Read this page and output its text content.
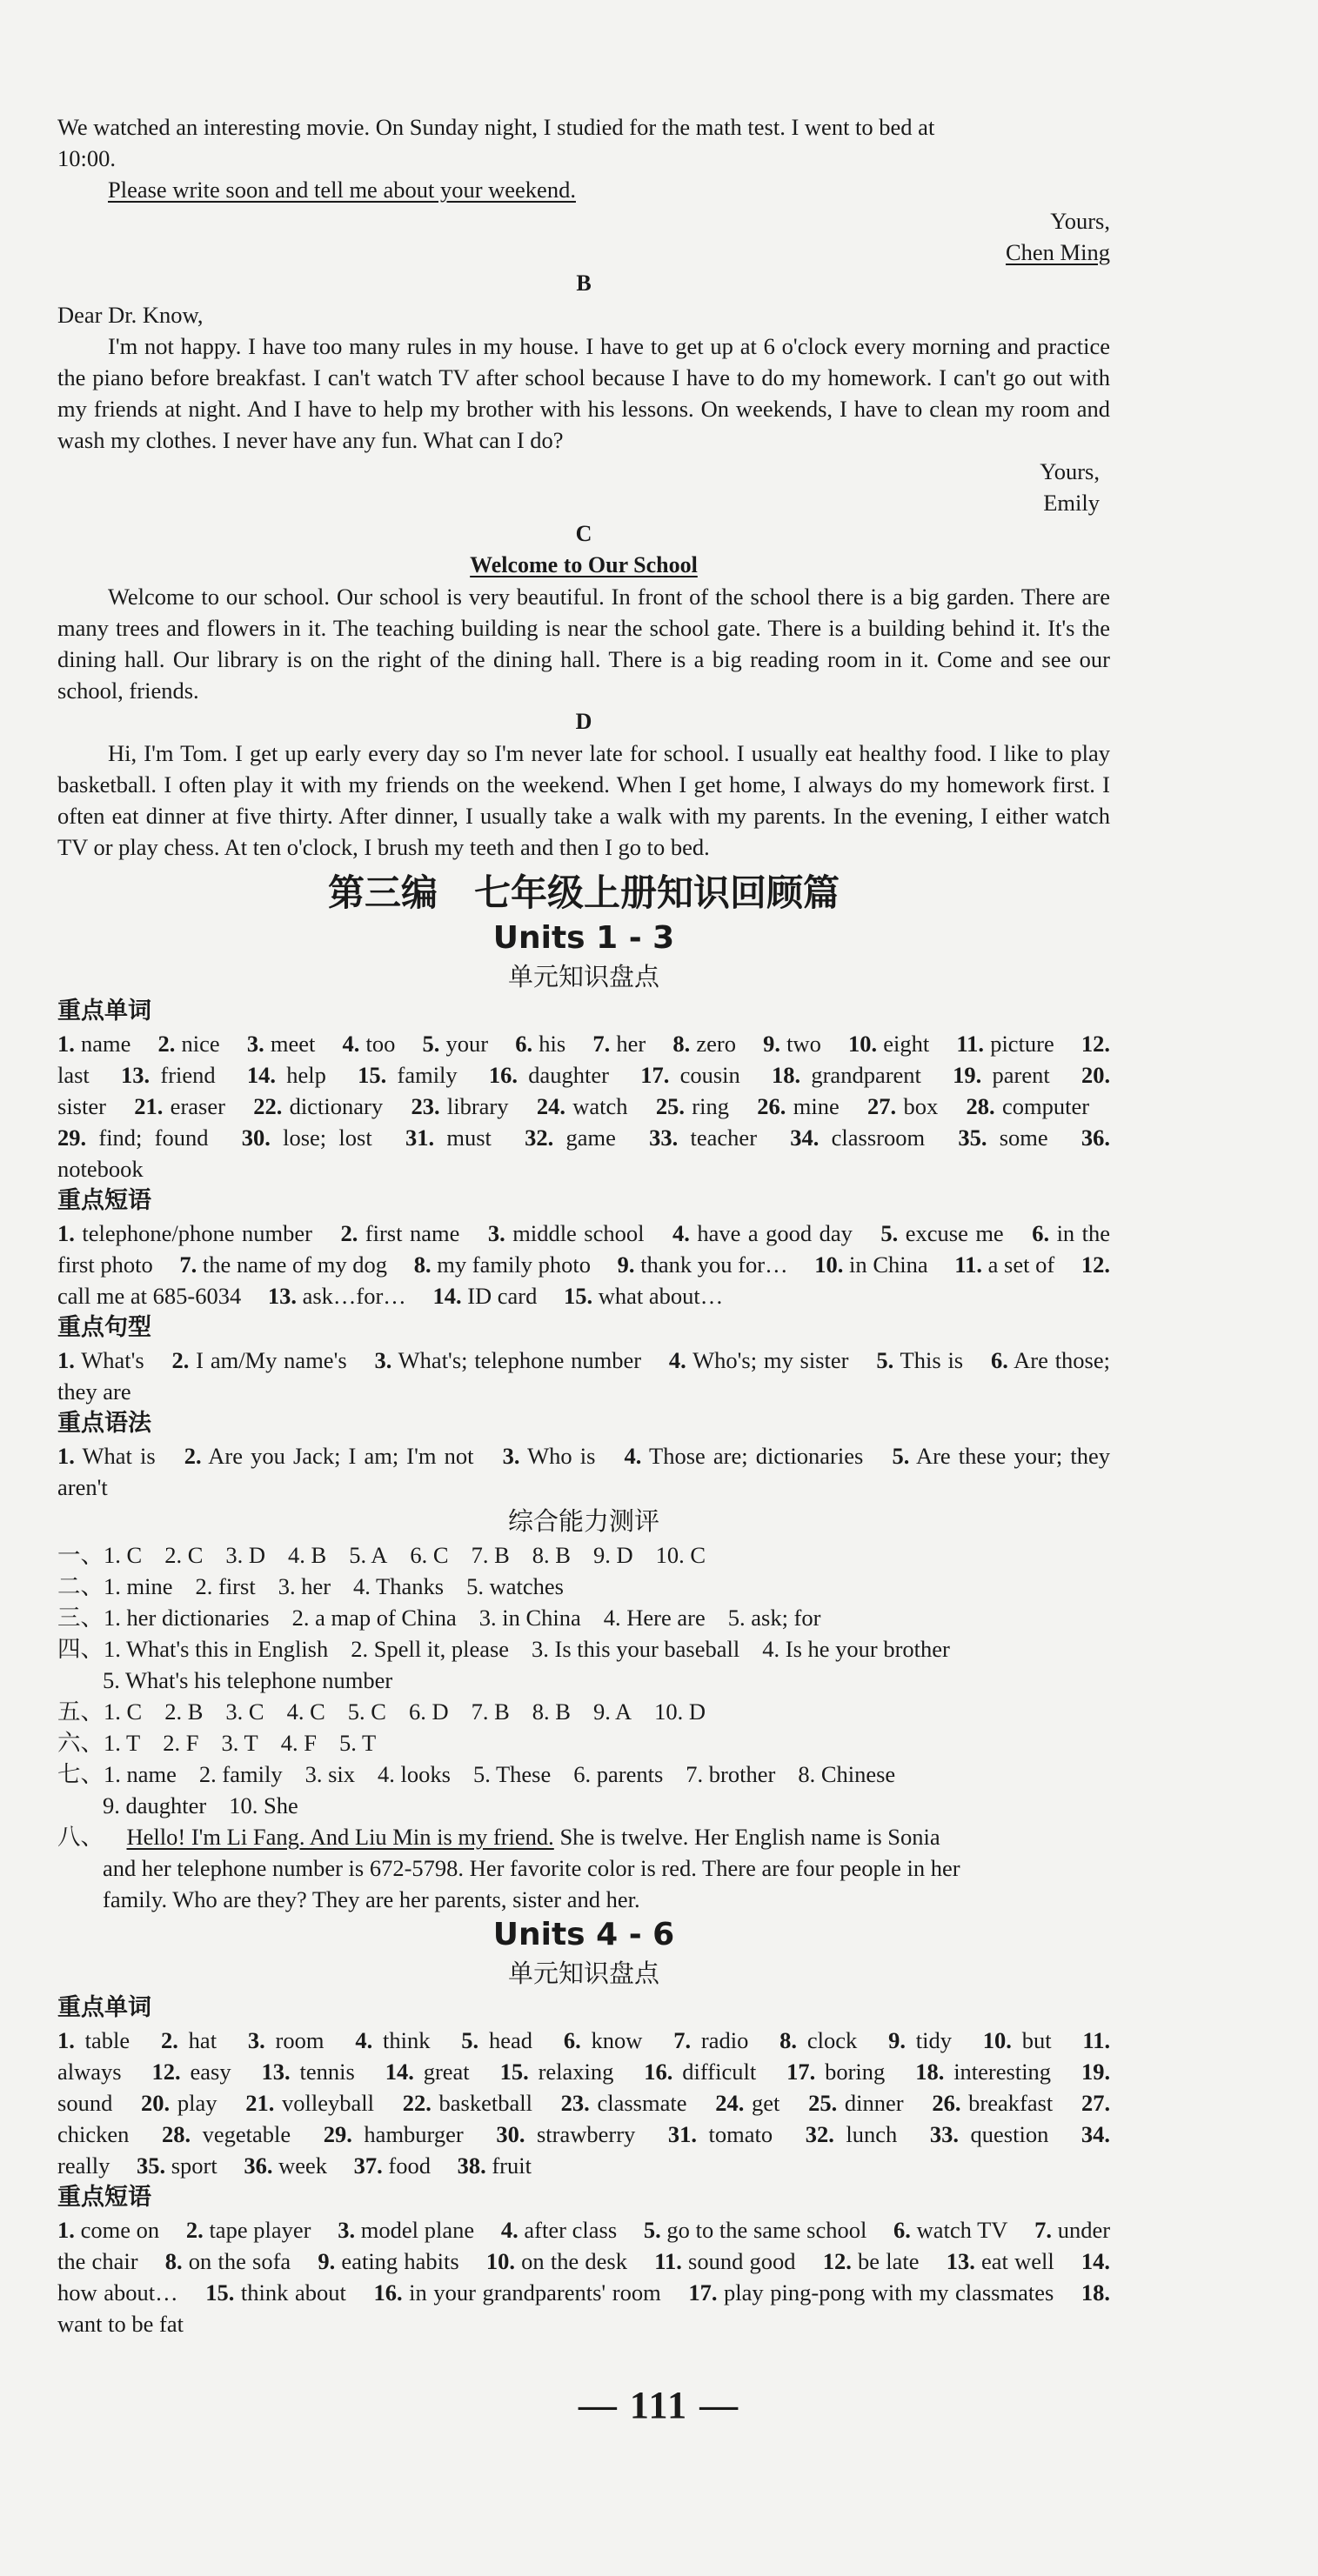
We watched an interesting movie. On Sunday night, I studied for the math test. I went to bed at

10:00.

Please write soon and tell me about your weekend.

Yours,

Chen Ming

B

Dear Dr. Know,

I'm not happy. I have too many rules in my house. I have to get up at 6 o'clock every morning and practice the piano before breakfast. I can't watch TV after school because I have to do my homework. I can't go out with my friends at night. And I have to help my brother with his lessons. On weekends, I have to clean my room and wash my clothes. I never have any fun. What can I do?

Yours,

Emily

C

Welcome to Our School

Welcome to our school. Our school is very beautiful. In front of the school there is a big garden. There are many trees and flowers in it. The teaching building is near the school gate. There is a building behind it. It's the dining hall. Our library is on the right of the dining hall. There is a big reading room in it. Come and see our school, friends.

D

Hi, I'm Tom. I get up early every day so I'm never late for school. I usually eat healthy food. I like to play basketball. I often play it with my friends on the weekend. When I get home, I always do my homework first. I often eat dinner at five thirty. After dinner, I usually take a walk with my parents. In the evening, I either watch TV or play chess. At ten o'clock, I brush my teeth and then I go to bed.

第三编　七年级上册知识回顾篇

Units 1 - 3

单元知识盘点

重点单词

1. name 2. nice 3. meet 4. too 5. your 6. his 7. her 8. zero 9. two 10. eight 11. picture 12. last 13. friend 14. help 15. family 16. daughter 17. cousin 18. grandparent 19. parent 20. sister 21. eraser 22. dictionary 23. library 24. watch 25. ring 26. mine 27. box 28. computer 29. find; found 30. lose; lost 31. must 32. game 33. teacher 34. classroom 35. some 36. notebook

重点短语

1. telephone/phone number 2. first name 3. middle school 4. have a good day 5. excuse me 6. in the first photo 7. the name of my dog 8. my family photo 9. thank you for… 10. in China 11. a set of 12. call me at 685-6034 13. ask…for… 14. ID card 15. what about…

重点句型

1. What's 2. I am/My name's 3. What's; telephone number 4. Who's; my sister 5. This is 6. Are those; they are

重点语法

1. What is 2. Are you Jack; I am; I'm not 3. Who is 4. Those are; dictionaries 5. Are these your; they aren't

综合能力测评

一、1. C 2. C 3. D 4. B 5. A 6. C 7. B 8. B 9. D 10. C

二、1. mine 2. first 3. her 4. Thanks 5. watches

三、1. her dictionaries 2. a map of China 3. in China 4. Here are 5. ask; for

四、1. What's this in English 2. Spell it, please 3. Is this your baseball 4. Is he your brother

5. What's his telephone number

五、1. C 2. B 3. C 4. C 5. C 6. D 7. B 8. B 9. A 10. D

六、1. T 2. F 3. T 4. F 5. T

七、1. name 2. family 3. six 4. looks 5. These 6. parents 7. brother 8. Chinese

9. daughter 10. She

八、 Hello! I'm Li Fang. And Liu Min is my friend. She is twelve. Her English name is Sonia

and her telephone number is 672-5798. Her favorite color is red. There are four people in her

family. Who are they? They are her parents, sister and her.

Units 4 - 6

单元知识盘点

重点单词

1. table 2. hat 3. room 4. think 5. head 6. know 7. radio 8. clock 9. tidy 10. but 11. always 12. easy 13. tennis 14. great 15. relaxing 16. difficult 17. boring 18. interesting 19. sound 20. play 21. volleyball 22. basketball 23. classmate 24. get 25. dinner 26. breakfast 27. chicken 28. vegetable 29. hamburger 30. strawberry 31. tomato 32. lunch 33. question 34. really 35. sport 36. week 37. food 38. fruit

重点短语

1. come on 2. tape player 3. model plane 4. after class 5. go to the same school 6. watch TV 7. under the chair 8. on the sofa 9. eating habits 10. on the desk 11. sound good 12. be late 13. eat well 14. how about… 15. think about 16. in your grandparents' room 17. play ping-pong with my classmates 18. want to be fat

— 111 —
